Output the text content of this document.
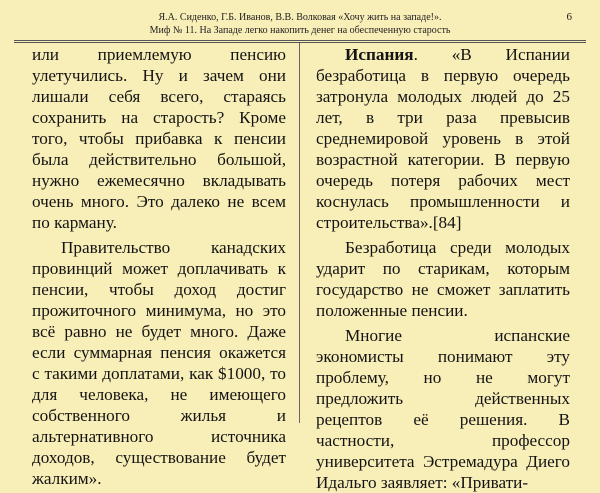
Я.А. Сиденко, Г.Б. Иванов, В.В. Волковая «Хочу жить на западе!».
Миф № 11. На Западе легко накопить денег на обеспеченную старость
6

или приемлемую пенсию улетучились. Ну и зачем они лишали себя всего, стараясь сохранить на старость? Кроме того, чтобы прибавка к пенсии была действительно большой, нужно ежемесячно вкладывать очень много. Это далеко не всем по карману.

Правительство канадских провинций может доплачивать к пенсии, чтобы доход достиг прожиточного минимума, но это всё равно не будет много. Даже если суммарная пенсия окажется с такими доплатами, как $1000, то для человека, не имеющего собственного жилья и альтернативного источника доходов, существование будет жалким».

Испания. «В Испании безработица в первую очередь затронула молодых людей до 25 лет, в три раза превысив среднемировой уровень в этой возрастной категории. В первую очередь потеря рабочих мест коснулась промышленности и строительства».[84]

Безработица среди молодых ударит по старикам, которым государство не сможет заплатить положенные пенсии.

Многие испанские экономисты понимают эту проблему, но не могут предложить действенных рецептов её решения. В частности, профессор университета Эстремадура Диего Идальго заявляет: «Привати-
